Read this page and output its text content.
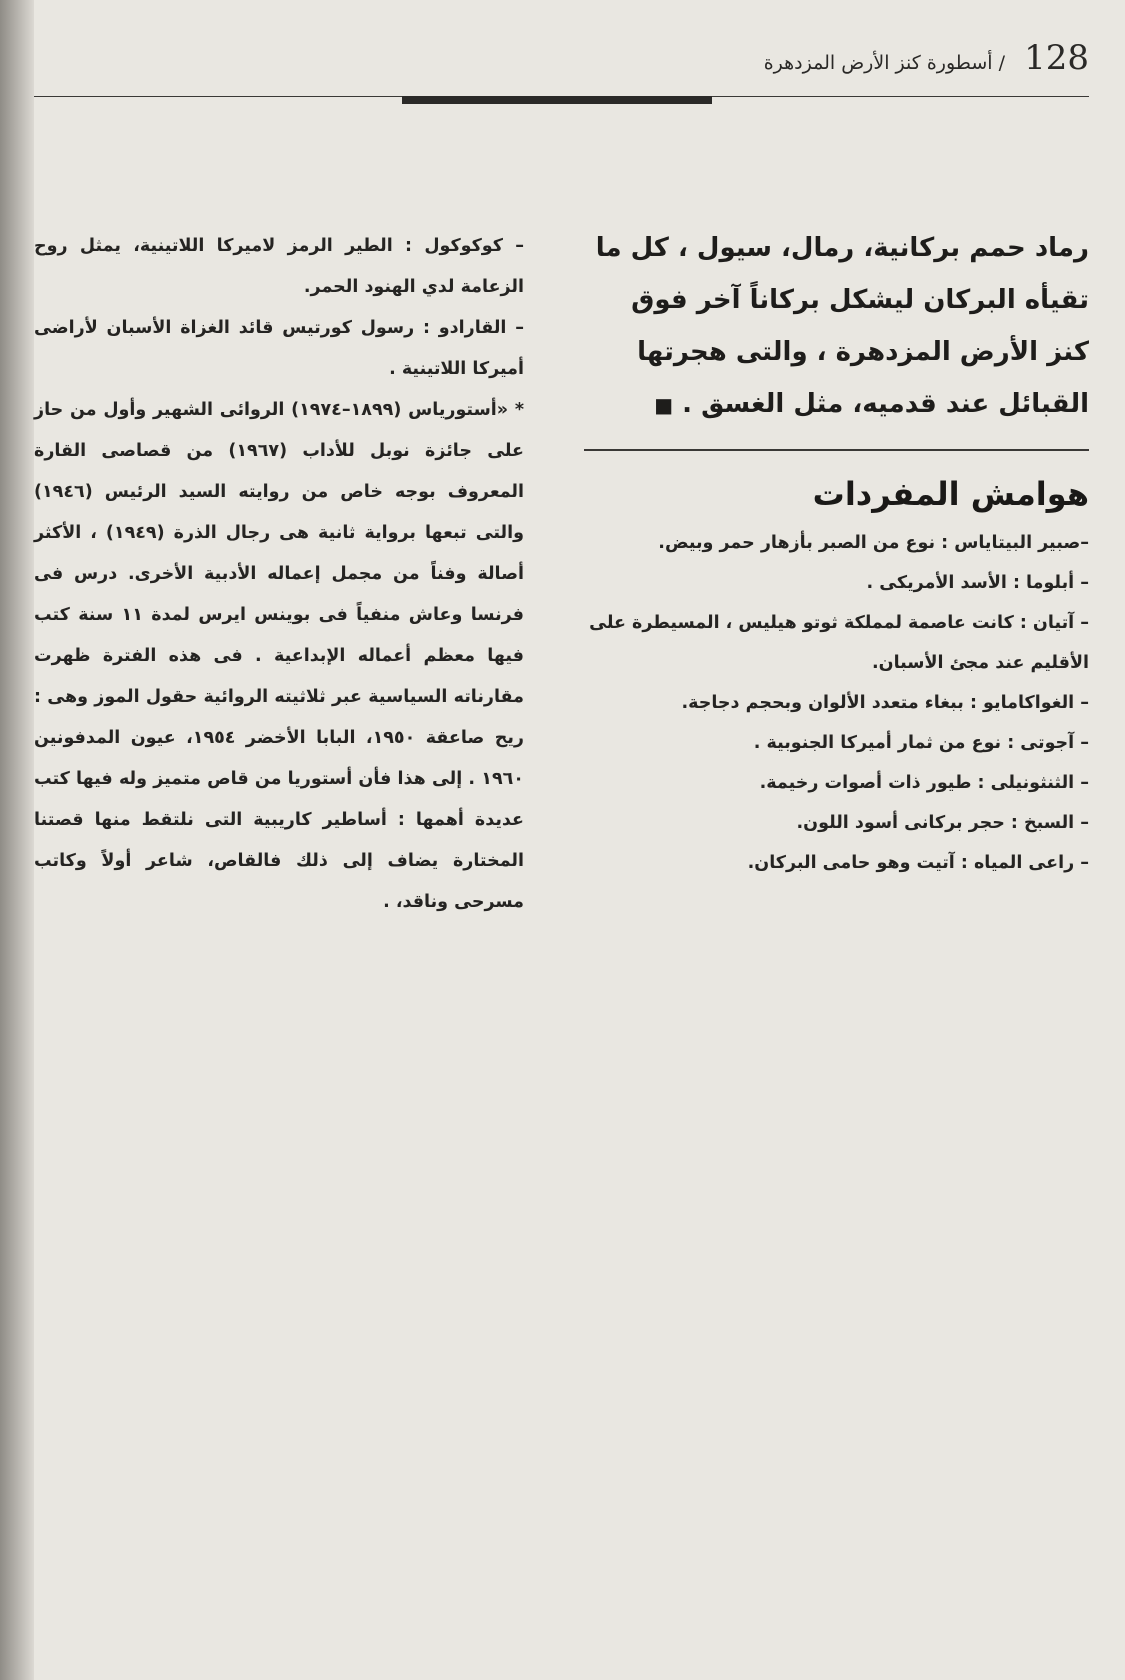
128
/ أسطورة كنز الأرض المزدهرة

رماد حمم بركانية، رمال، سيول ، كل ما تقيأه البركان ليشكل بركاناً آخر فوق كنز الأرض المزدهرة ، والتى هجرتها القبائل عند قدميه، مثل الغسق . ■

هوامش المفردات
–صبير البيتاياس : نوع من الصبر بأزهار حمر وبيض.
– أبلوما : الأسد الأمريكى .
– آتيان : كانت عاصمة لمملكة ثوتو هيليس ، المسيطرة على الأقليم عند مجئ الأسبان.
– الغواكامايو : ببغاء متعدد الألوان وبحجم دجاجة.
– آجوتى : نوع من ثمار أميركا الجنوبية .
– الثنثونيلى : طيور ذات أصوات رخيمة.
– السبخ : حجر بركانى أسود اللون.
– راعى المياه : آتيت وهو حامى البركان.

– كوكوكول : الطير الرمز لاميركا اللاتينية، يمثل روح الزعامة لدي الهنود الحمر.

– القارادو : رسول كورتيس قائد الغزاة الأسبان لأراضى أميركا اللاتينية .

* «أستورياس (١٨٩٩–١٩٧٤) الروائى الشهير وأول من حاز على جائزة نوبل للأداب (١٩٦٧) من قصاصى القارة المعروف بوجه خاص من روايته السيد الرئيس (١٩٤٦) والتى تبعها برواية ثانية هى رجال الذرة (١٩٤٩) ، الأكثر أصالة وفناً من مجمل إعماله الأدبية الأخرى. درس فى فرنسا وعاش منفياً فى بوينس ايرس لمدة ١١ سنة كتب فيها معظم أعماله الإبداعية . فى هذه الفترة ظهرت مقارناته السياسية عبر ثلاثيته الروائية حقول الموز وهى : ريح صاعقة ١٩٥٠، البابا الأخضر ١٩٥٤، عيون المدفونين ١٩٦٠ . إلى هذا فأن أستوريا من قاص متميز وله فيها كتب عديدة أهمها : أساطير كاريبية التى نلتقط منها قصتنا المختارة يضاف إلى ذلك فالقاص، شاعر أولاً وكاتب مسرحى وناقد، .
